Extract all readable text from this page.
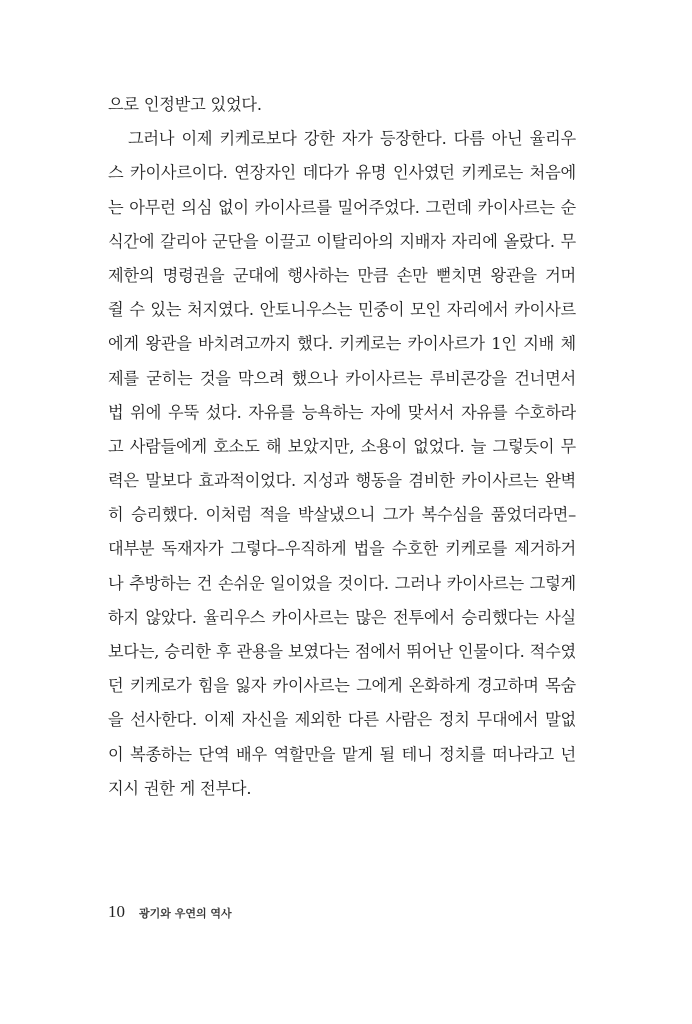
으로 인정받고 있었다.
그러나 이제 키케로보다 강한 자가 등장한다. 다름 아닌 율리우
스 카이사르이다. 연장자인 데다가 유명 인사였던 키케로는 처음에
는 아무런 의심 없이 카이사르를 밀어주었다. 그런데 카이사르는 순
식간에 갈리아 군단을 이끌고 이탈리아의 지배자 자리에 올랐다. 무
제한의 명령권을 군대에 행사하는 만큼 손만 뻗치면 왕관을 거머
쥘 수 있는 처지였다. 안토니우스는 민중이 모인 자리에서 카이사르
에게 왕관을 바치려고까지 했다. 키케로는 카이사르가 1인 지배 체
제를 굳히는 것을 막으려 했으나 카이사르는 루비콘강을 건너면서
법 위에 우뚝 섰다. 자유를 능욕하는 자에 맞서서 자유를 수호하라
고 사람들에게 호소도 해 보았지만, 소용이 없었다. 늘 그렇듯이 무
력은 말보다 효과적이었다. 지성과 행동을 겸비한 카이사르는 완벽
히 승리했다. 이처럼 적을 박살냈으니 그가 복수심을 품었더라면–
대부분 독재자가 그렇다–우직하게 법을 수호한 키케로를 제거하거
나 추방하는 건 손쉬운 일이었을 것이다. 그러나 카이사르는 그렇게
하지 않았다. 율리우스 카이사르는 많은 전투에서 승리했다는 사실
보다는, 승리한 후 관용을 보였다는 점에서 뛰어난 인물이다. 적수였
던 키케로가 힘을 잃자 카이사르는 그에게 온화하게 경고하며 목숨
을 선사한다. 이제 자신을 제외한 다른 사람은 정치 무대에서 말없
이 복종하는 단역 배우 역할만을 맡게 될 테니 정치를 떠나라고 넌
지시 권한 게 전부다.
10 광기와 우연의 역사
